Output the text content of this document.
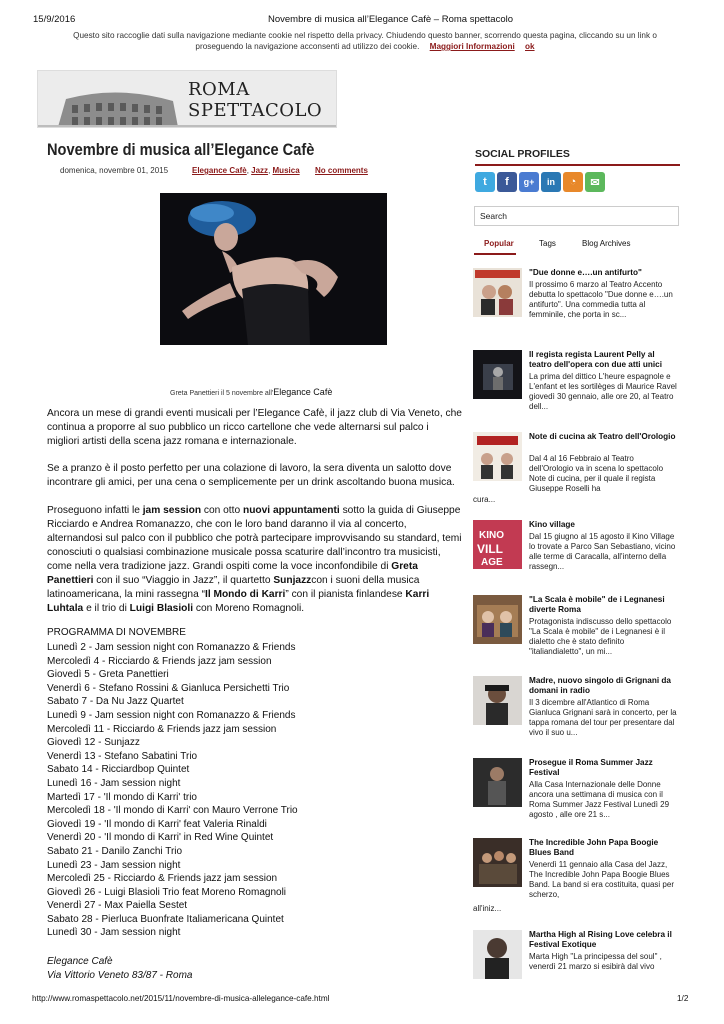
15/9/2016	Novembre di musica all’Elegance Cafè – Roma spettacolo
Questo sito raccoglie dati sulla navigazione mediante cookie nel rispetto della privacy. Chiudendo questo banner, scorrendo questa pagina, cliccando su un link o
proseguendo la navigazione acconsenti ad utilizzo dei cookie. Maggiori Informazioni ok
ROMA SPETTACOLO
Novembre di musica all’Elegance Cafè
domenica, novembre 01, 2015	Elegance Cafè, Jazz, Musica No comments
Greta Panettieri il 5 novembre all'Elegance Cafè

Ancora un mese di grandi eventi musicali per l’Elegance Cafè, il jazz club di Via Veneto, che continua a proporre al suo pubblico un ricco cartellone che vede alternarsi sul palco i migliori artisti della scena jazz romana e internazionale.

Se a pranzo è il posto perfetto per una colazione di lavoro, la sera diventa un salotto dove incontrare gli amici, per una cena o semplicemente per un drink ascoltando buona musica.

Proseguono infatti le jam session con otto nuovi appuntamenti sotto la guida di Giuseppe Ricciardo e Andrea Romanazzo, che con le loro band daranno il via al concerto, alternandosi sul palco con il pubblico che potrà partecipare improvvisando su standard, temi conosciuti o qualsiasi combinazione musicale possa scaturire dall’incontro tra musicisti, come nella vera tradizione jazz. Grandi ospiti come la voce inconfondibile di Greta Panettieri con il suo “Viaggio in Jazz”, il quartetto Sunjazzcon i suoni della musica latinoamericana, la mini rassegna “Il Mondo di Karri” con il pianista finlandese Karri Luhtala e il trio di Luigi Blasioli con Moreno Romagnoli.

PROGRAMMA DI NOVEMBRE
Lunedì 2 - Jam session night con Romanazzo & Friends
Mercoledì 4 - Ricciardo & Friends jazz jam session
Giovedì 5 - Greta Panettieri
Venerdì 6 - Stefano Rossini & Gianluca Persichetti Trio
Sabato 7 - Da Nu Jazz Quartet
Lunedì 9 - Jam session night con Romanazzo & Friends
Mercoledì 11 - Ricciardo & Friends jazz jam session
Giovedì 12 - Sunjazz
Venerdì 13 - Stefano Sabatini Trio
Sabato 14 - Ricciardbop Quintet
Lunedì 16 - Jam session night
Martedì 17 - 'Il mondo di Karri' trio
Mercoledì 18 - 'Il mondo di Karri' con Mauro Verrone Trio
Giovedì 19 - 'Il mondo di Karri' feat Valeria Rinaldi
Venerdì 20 - 'Il mondo di Karri' in Red Wine Quintet
Sabato 21 - Danilo Zanchi Trio
Lunedì 23 - Jam session night
Mercoledì 25 - Ricciardo & Friends jazz jam session
Giovedì 26 - Luigi Blasioli Trio feat Moreno Romagnoli
Venerdì 27 - Max Paiella Sestet
Sabato 28 - Pierluca Buonfrate Italiamericana Quintet
Lunedì 30 - Jam session night
Elegance Cafè
Via Vittorio Veneto 83/87 - Roma
http://www.romaspettacolo.net/2015/11/novembre-di-musica-allelegance-cafe.html	1/2
SOCIAL PROFILES
t	f	g+	in	◔	✉
Search
Popular	Tags	Blog Archives
"Due donne e….un antifurto"
Il prossimo 6 marzo al Teatro Accento debutta lo spettacolo "Due donne e….un antifurto". Una commedia tutta al femminile, che porta in sc...
Il regista regista Laurent Pelly al teatro dell'opera con due atti unici
La prima del dittico L'heure espagnole e L'enfant et les sortilèges di Maurice Ravel giovedì 30 gennaio, alle ore 20, al Teatro dell...
Note di cucina ak Teatro dell'Orologio
Dal 4 al 16 Febbraio al Teatro dell'Orologio va in scena lo spettacolo Note di cucina, per il quale il regista Giuseppe Roselli ha
cura...
KINO
VILL
AGE
Kino village
Dal 15 giugno al 15 agosto il Kino Village lo trovate a Parco San Sebastiano, vicino alle terme di Caracalla, all'interno della rassegn...
"La Scala è mobile" de i Legnanesi diverte Roma
Protagonista indiscusso dello spettacolo "La Scala è mobile" de i Legnanesi è il dialetto che è stato definito "italiandialetto", un mi...
Madre, nuovo singolo di Grignani da domani in radio
Il 3 dicembre all'Atlantico di Roma Gianluca Grignani sarà in concerto, per la tappa romana del tour per presentare dal vivo il suo u...
Prosegue il Roma Summer Jazz Festival
Alla Casa Internazionale delle Donne ancora una settimana di musica con il Roma Summer Jazz Festival Lunedì 29 agosto , alle ore 21 s...
The Incredible John Papa Boogie Blues Band
Venerdì 11 gennaio alla Casa del Jazz, The Incredible John Papa Boogie Blues Band. La band si era costituita, quasi per scherzo,
all'iniz...
Martha High al Rising Love celebra il Festival Exotique
Marta High "La principessa del soul" , venerdì 21 marzo si esibirà dal vivo
